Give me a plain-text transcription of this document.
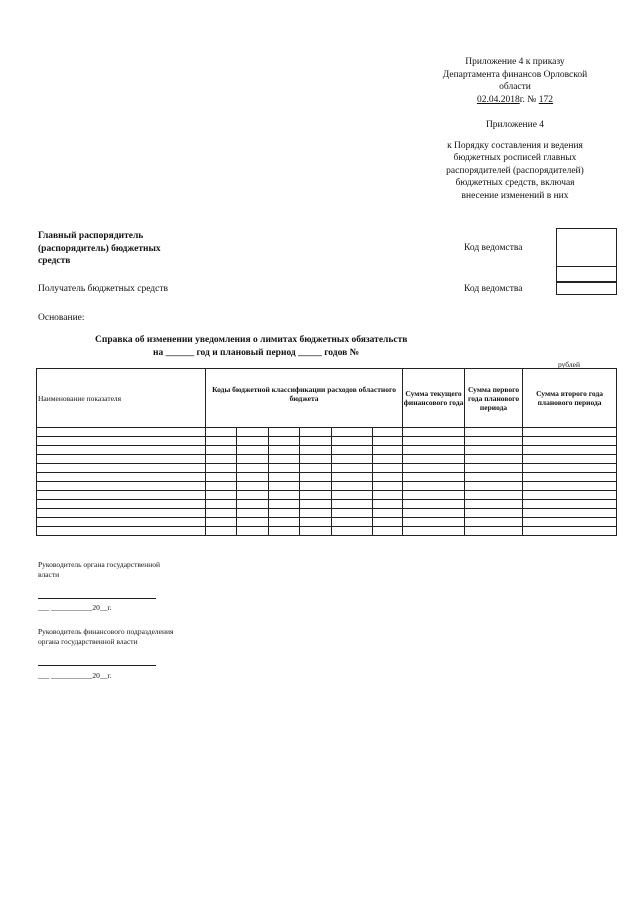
Приложение 4 к приказу
Департамента финансов Орловской
области
02.04.2018г. № 172
Приложение 4
к Порядку составления и ведения
бюджетных росписей главных
распорядителей (распорядителей)
бюджетных средств, включая
внесение изменений в них
Главный распорядитель
(распорядитель) бюджетных
средств
Код ведомства
Получатель бюджетных средств	Код ведомства
Основание:
Справка об изменении уведомления о лимитах бюджетных обязательств
на ______ год и плановый период _____ годов №
рублей
Наименование показателя	Коды бюджетной классификации расходов областного бюджета						Сумма текущего финансового года	Сумма первого года планового периода	Сумма второго года планового периода

Руководитель органа государственной
власти
___ ___________20__г.
Руководитель финансового подразделения
органа государственной власти
___ ___________20__г.
